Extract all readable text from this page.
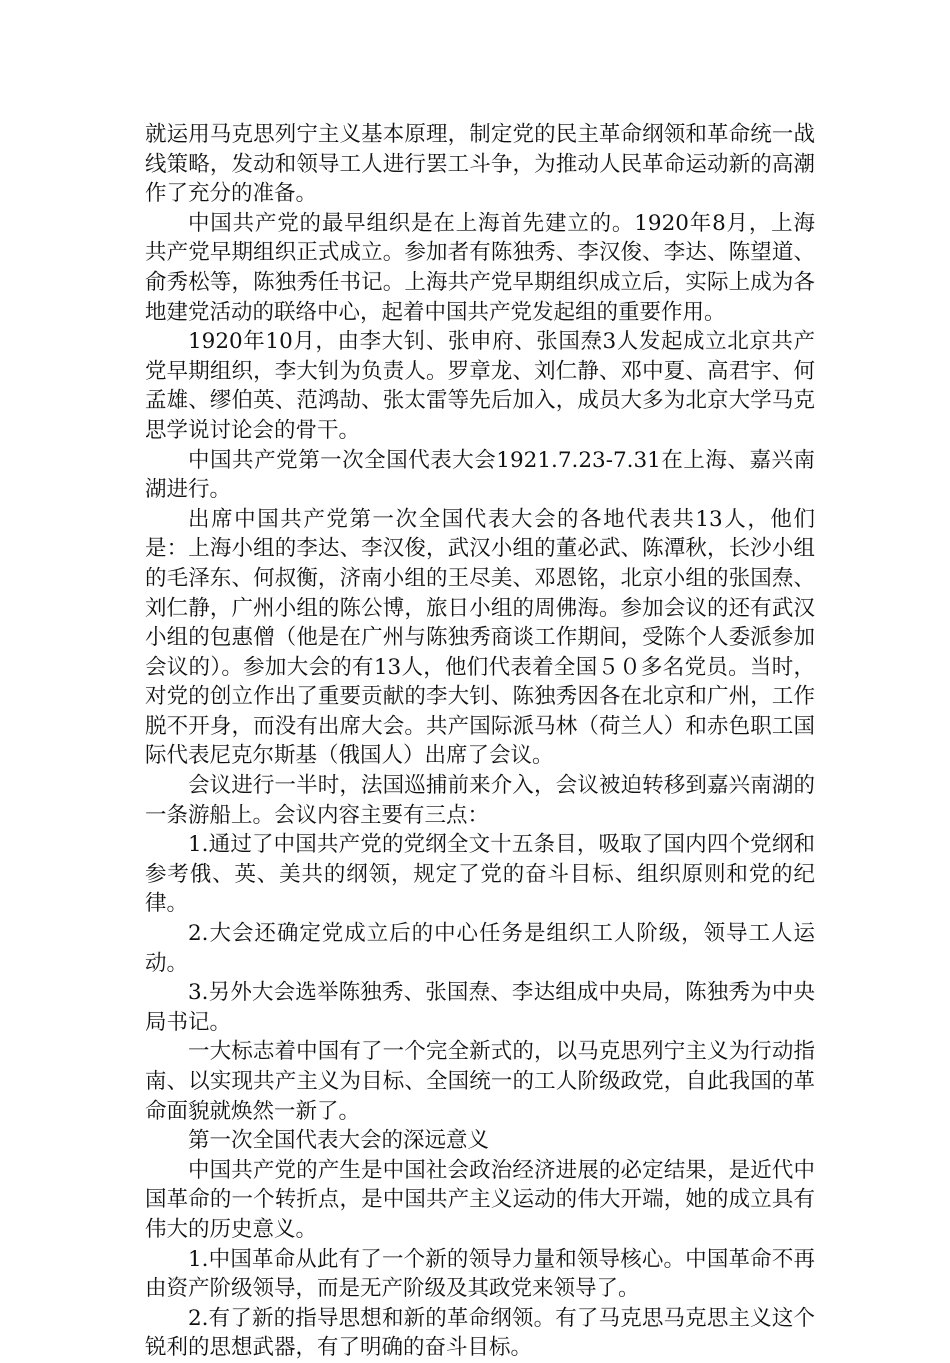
就运用马克思列宁主义基本原理，制定党的民主革命纲领和革命统一战线策略，发动和领导工人进行罢工斗争，为推动人民革命运动新的高潮作了充分的准备。

中国共产党的最早组织是在上海首先建立的。1920年8月，上海共产党早期组织正式成立。参加者有陈独秀、李汉俊、李达、陈望道、俞秀松等，陈独秀任书记。上海共产党早期组织成立后，实际上成为各地建党活动的联络中心，起着中国共产党发起组的重要作用。

1920年10月，由李大钊、张申府、张国焘3人发起成立北京共产党早期组织，李大钊为负责人。罗章龙、刘仁静、邓中夏、高君宇、何孟雄、缪伯英、范鸿劼、张太雷等先后加入，成员大多为北京大学马克思学说讨论会的骨干。

中国共产党第一次全国代表大会1921.7.23-7.31在上海、嘉兴南湖进行。

出席中国共产党第一次全国代表大会的各地代表共13人，他们是：上海小组的李达、李汉俊，武汉小组的董必武、陈潭秋，长沙小组的毛泽东、何叔衡，济南小组的王尽美、邓恩铭，北京小组的张国焘、刘仁静，广州小组的陈公博，旅日小组的周佛海。参加会议的还有武汉小组的包惠僧（他是在广州与陈独秀商谈工作期间，受陈个人委派参加会议的）。参加大会的有13人，他们代表着全国５０多名党员。当时，对党的创立作出了重要贡献的李大钊、陈独秀因各在北京和广州，工作脱不开身，而没有出席大会。共产国际派马林（荷兰人）和赤色职工国际代表尼克尔斯基（俄国人）出席了会议。

会议进行一半时，法国巡捕前来介入，会议被迫转移到嘉兴南湖的一条游船上。会议内容主要有三点：

1.通过了中国共产党的党纲全文十五条目，吸取了国内四个党纲和参考俄、英、美共的纲领，规定了党的奋斗目标、组织原则和党的纪律。

2.大会还确定党成立后的中心任务是组织工人阶级，领导工人运动。

3.另外大会选举陈独秀、张国焘、李达组成中央局，陈独秀为中央局书记。

一大标志着中国有了一个完全新式的，以马克思列宁主义为行动指南、以实现共产主义为目标、全国统一的工人阶级政党，自此我国的革命面貌就焕然一新了。

第一次全国代表大会的深远意义

中国共产党的产生是中国社会政治经济进展的必定结果，是近代中国革命的一个转折点，是中国共产主义运动的伟大开端，她的成立具有伟大的历史意义。

1.中国革命从此有了一个新的领导力量和领导核心。中国革命不再由资产阶级领导，而是无产阶级及其政党来领导了。

2.有了新的指导思想和新的革命纲领。有了马克思马克思主义这个锐利的思想武器，有了明确的奋斗目标。
